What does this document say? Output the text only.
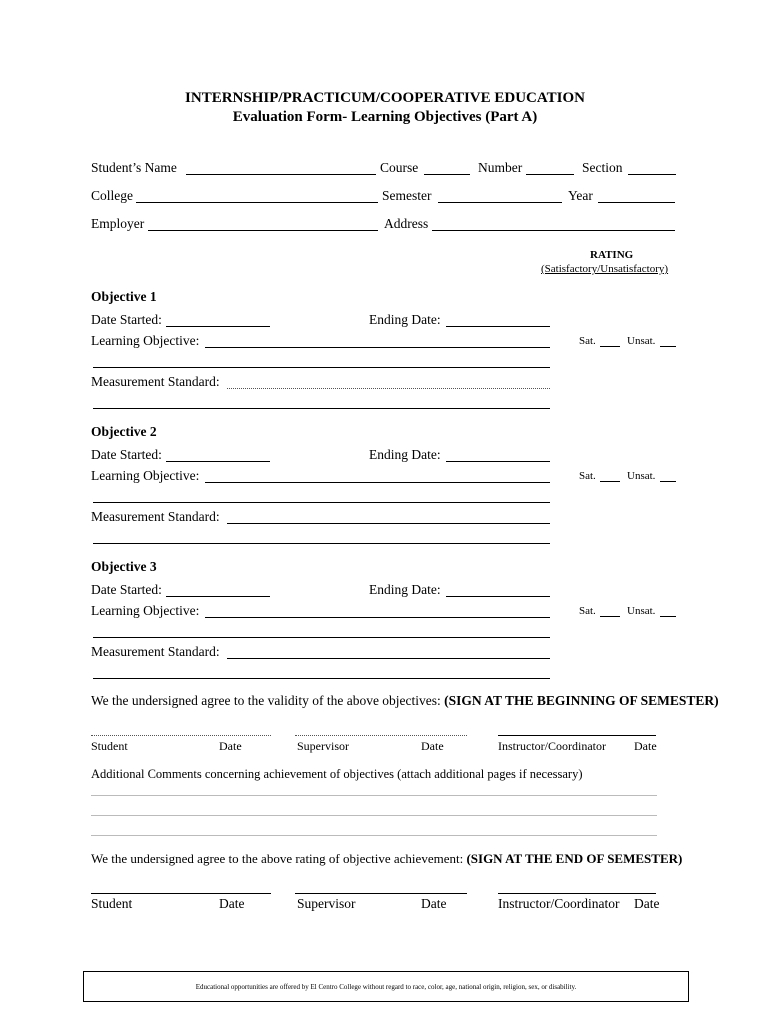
INTERNSHIP/PRACTICUM/COOPERATIVE EDUCATION
Evaluation Form- Learning Objectives (Part A)
Student’s Name	Course	Number	Section
College	Semester	Year
Employer	Address
RATING
(Satisfactory/Unsatisfactory)
Objective 1
Date Started:	Ending Date:
Learning Objective:	Sat.	Unsat.
Measurement Standard:
Objective 2
Date Started:	Ending Date:
Learning Objective:	Sat.	Unsat.
Measurement Standard:
Objective 3
Date Started:	Ending Date:
Learning Objective:	Sat.	Unsat.
Measurement Standard:
We the undersigned agree to the validity of the above objectives: (SIGN AT THE BEGINNING OF SEMESTER)
Student	Date	Supervisor	Date	Instructor/Coordinator Date
Additional Comments concerning achievement of objectives (attach additional pages if necessary)
We the undersigned agree to the above rating of objective achievement: (SIGN AT THE END OF SEMESTER)
Student	Date	Supervisor	Date	Instructor/Coordinator Date
Educational opportunities are offered by El Centro College without regard to race, color, age, national origin, religion, sex, or disability.
